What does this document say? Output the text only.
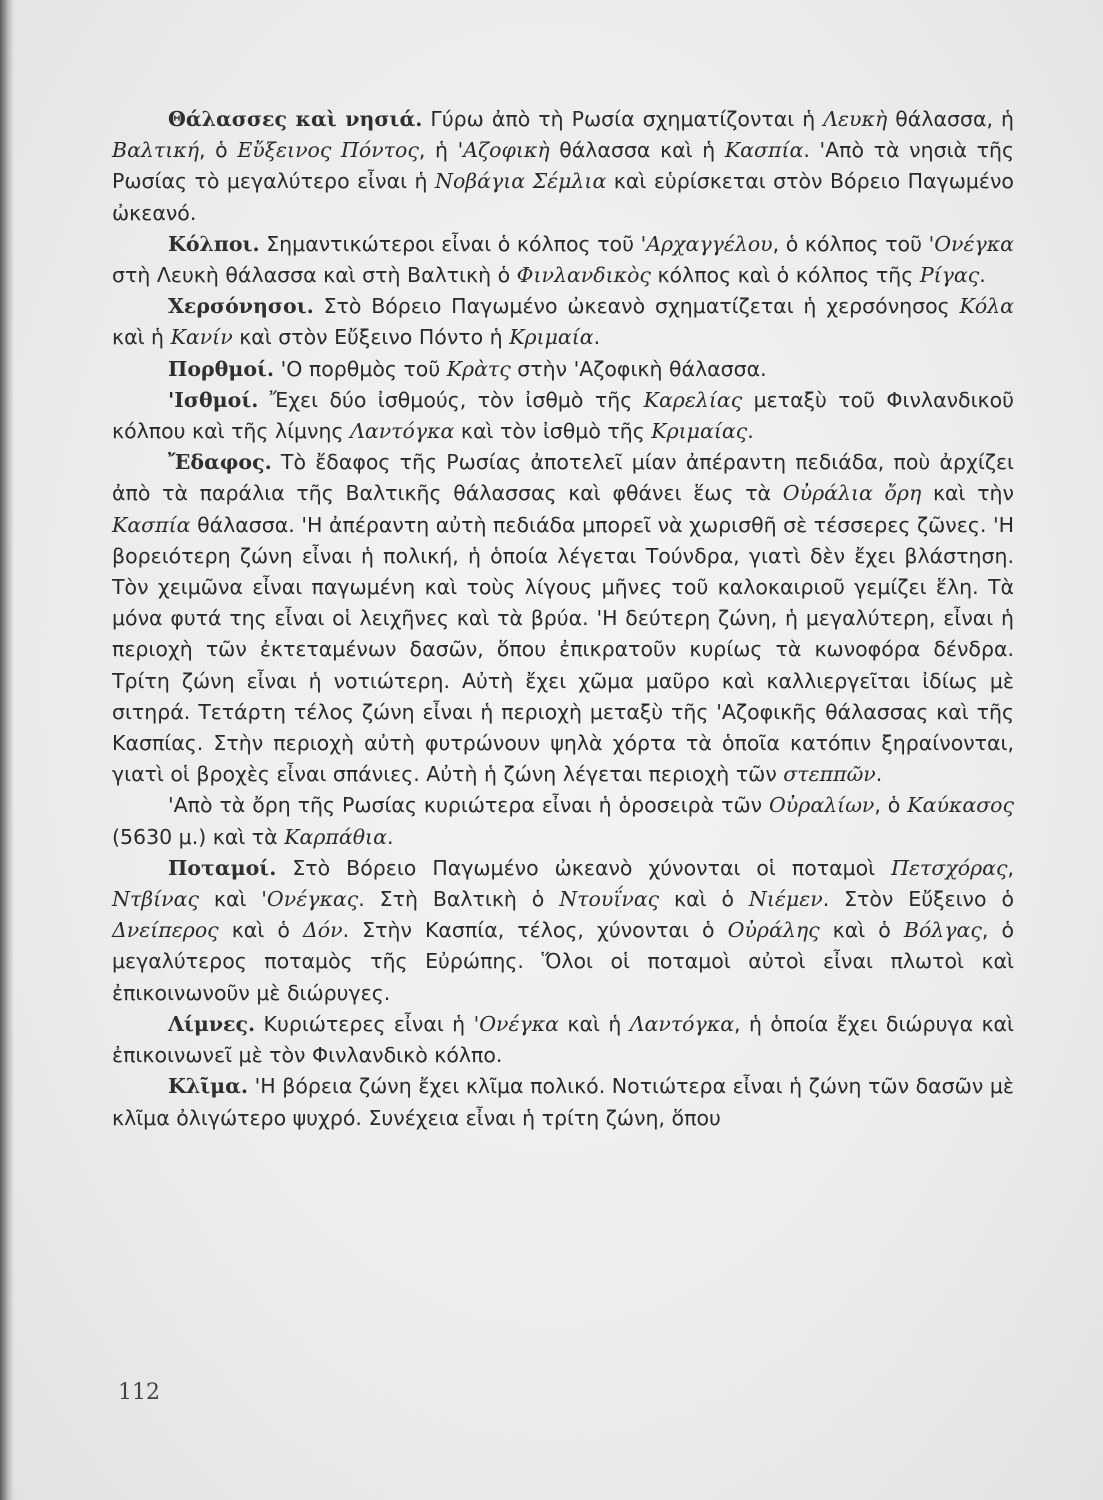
Θάλασσες καὶ νησιά. Γύρω ἀπὸ τὴ Ρωσία σχηματίζονται ἡ Λευκὴ θάλασσα, ἡ Βαλτική, ὁ Εὔξεινος Πόντος, ἡ 'Αζοφικὴ θάλασσα καὶ ἡ Κασπία. 'Απὸ τὰ νησιὰ τῆς Ρωσίας τὸ μεγαλύτερο εἶναι ἡ Νοβάγια Σέμλια καὶ εὑρίσκεται στὸν Βόρειο Παγωμένο ὠκεανό.

Κόλποι. Σημαντικώτεροι εἶναι ὁ κόλπος τοῦ 'Αρχαγγέλου, ὁ κόλπος τοῦ 'Ονέγκα στὴ Λευκὴ θάλασσα καὶ στὴ Βαλτικὴ ὁ Φινλανδικὸς κόλπος καὶ ὁ κόλπος τῆς Ρίγας.

Χερσόνησοι. Στὸ Βόρειο Παγωμένο ὠκεανὸ σχηματίζεται ἡ χερσόνησος Κόλα καὶ ἡ Κανίν καὶ στὸν Εὔξεινο Πόντο ἡ Κριμαία.

Πορθμοί. 'Ο πορθμὸς τοῦ Κρὰτς στὴν 'Αζοφικὴ θάλασσα.

'Ισθμοί. Ἔχει δύο ἰσθμούς, τὸν ἰσθμὸ τῆς Καρελίας μεταξὺ τοῦ Φινλανδικοῦ κόλπου καὶ τῆς λίμνης Λαντόγκα καὶ τὸν ἰσθμὸ τῆς Κριμαίας.

Ἔδαφος. Τὸ ἔδαφος τῆς Ρωσίας ἀποτελεῖ μίαν ἀπέραντη πεδιάδα, ποὺ ἀρχίζει ἀπὸ τὰ παράλια τῆς Βαλτικῆς θάλασσας καὶ φθάνει ἕως τὰ Οὐράλια ὄρη καὶ τὴν Κασπία θάλασσα. 'Η ἀπέραντη αὐτὴ πεδιάδα μπορεῖ νὰ χωρισθῆ σὲ τέσσερες ζῶνες. 'Η βορειότερη ζώνη εἶναι ἡ πολική, ἡ ὁποία λέγεται Τούνδρα, γιατὶ δὲν ἔχει βλάστηση. Τὸν χειμῶνα εἶναι παγωμένη καὶ τοὺς λίγους μῆνες τοῦ καλοκαιριοῦ γεμίζει ἕλη. Τὰ μόνα φυτά της εἶναι οἱ λειχῆνες καὶ τὰ βρύα. 'Η δεύτερη ζώνη, ἡ μεγαλύτερη, εἶναι ἡ περιοχὴ τῶν ἐκτεταμένων δασῶν, ὅπου ἐπικρατοῦν κυρίως τὰ κωνοφόρα δένδρα. Τρίτη ζώνη εἶναι ἡ νοτιώτερη. Αὐτὴ ἔχει χῶμα μαῦρο καὶ καλλιεργεῖται ἰδίως μὲ σιτηρά. Τετάρτη τέλος ζώνη εἶναι ἡ περιοχὴ μεταξὺ τῆς 'Αζοφικῆς θάλασσας καὶ τῆς Κασπίας. Στὴν περιοχὴ αὐτὴ φυτρώνουν ψηλὰ χόρτα τὰ ὁποῖα κατόπιν ξηραίνονται, γιατὶ οἱ βροχὲς εἶναι σπάνιες. Αὐτὴ ἡ ζώνη λέγεται περιοχὴ τῶν στεππῶν.

'Απὸ τὰ ὄρη τῆς Ρωσίας κυριώτερα εἶναι ἡ ὁροσειρὰ τῶν Οὐραλίων, ὁ Καύκασος (5630 μ.) καὶ τὰ Καρπάθια.

Ποταμοί. Στὸ Βόρειο Παγωμένο ὠκεανὸ χύνονται οἱ ποταμοὶ Πετσχόρας, Ντβίνας καὶ 'Ονέγκας. Στὴ Βαλτικὴ ὁ Ντουΐνας καὶ ὁ Νιέμεν. Στὸν Εὔξεινο ὁ Δνείπερος καὶ ὁ Δόν. Στὴν Κασπία, τέλος, χύνονται ὁ Οὐράλης καὶ ὁ Βόλγας, ὁ μεγαλύτερος ποταμὸς τῆς Εὐρώπης. Ὅλοι οἱ ποταμοὶ αὐτοὶ εἶναι πλωτοὶ καὶ ἐπικοινωνοῦν μὲ διώρυγες.

Λίμνες. Κυριώτερες εἶναι ἡ 'Ονέγκα καὶ ἡ Λαντόγκα, ἡ ὁποία ἔχει διώρυγα καὶ ἐπικοινωνεῖ μὲ τὸν Φινλανδικὸ κόλπο.

Κλῖμα. 'Η βόρεια ζώνη ἔχει κλῖμα πολικό. Νοτιώτερα εἶναι ἡ ζώνη τῶν δασῶν μὲ κλῖμα ὀλιγώτερο ψυχρό. Συνέχεια εἶναι ἡ τρίτη ζώνη, ὅπου

112
